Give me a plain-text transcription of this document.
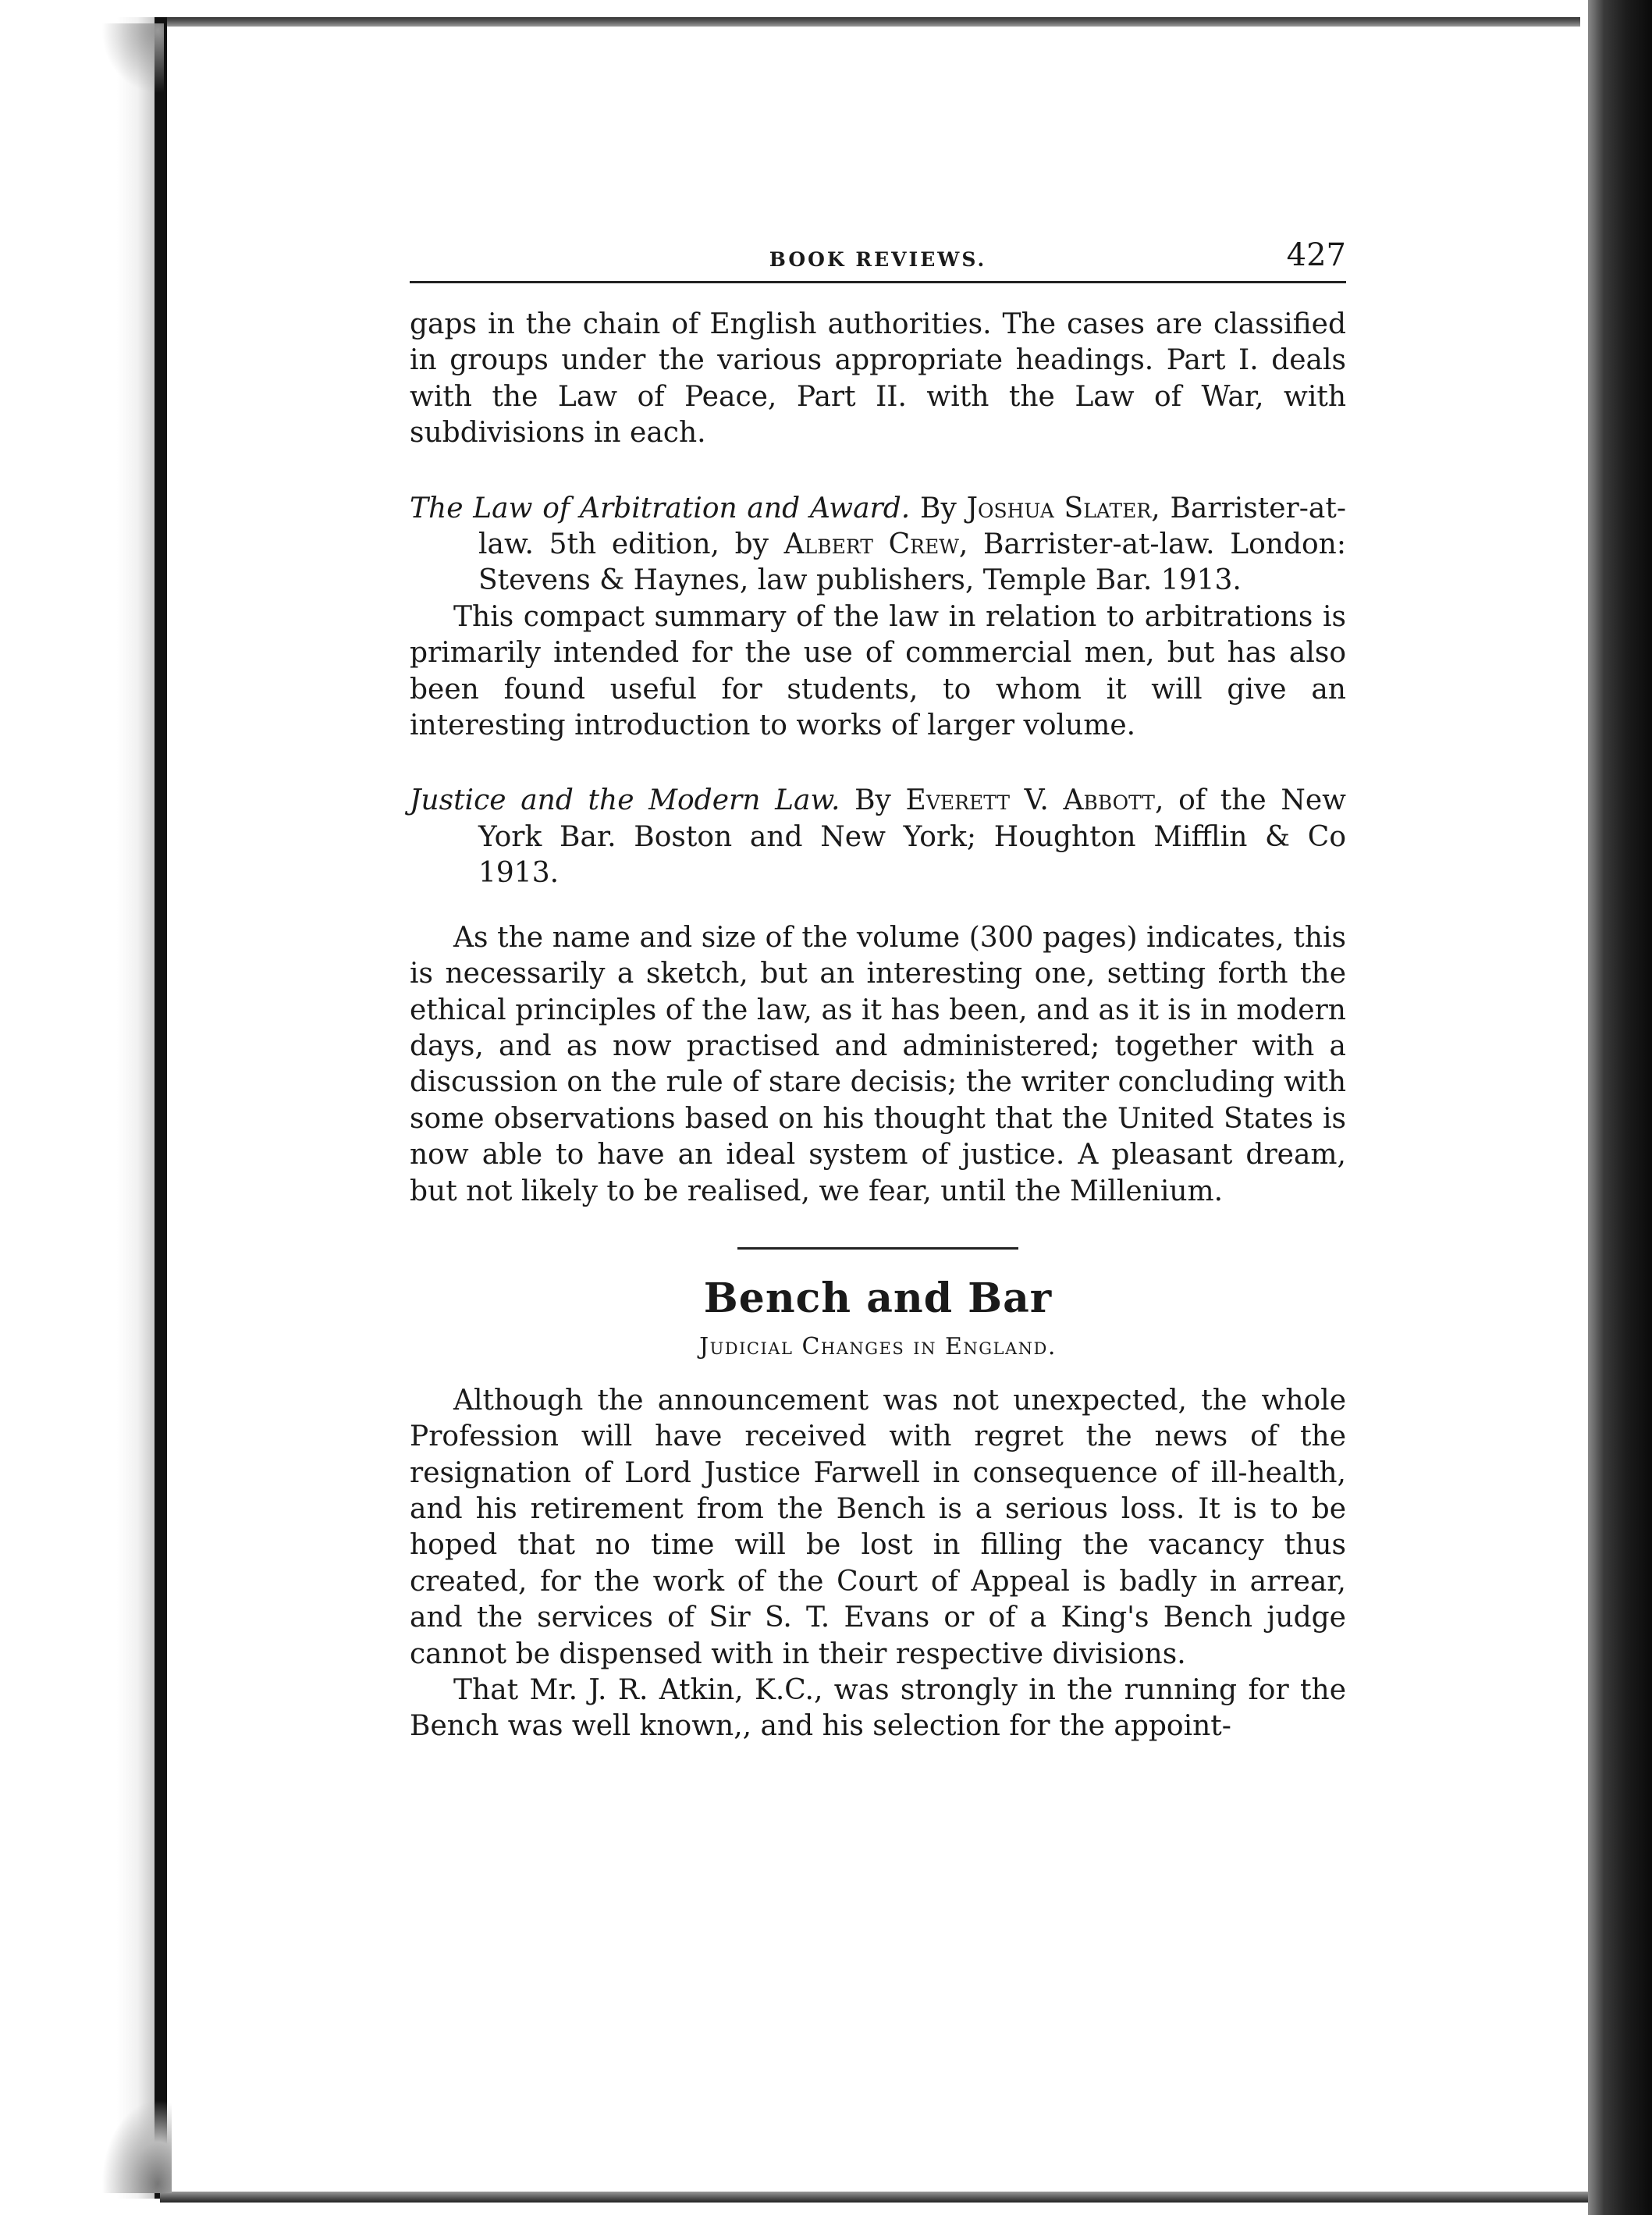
BOOK REVIEWS.	427

gaps in the chain of English authorities. The cases are classified in groups under the various appropriate headings. Part I. deals with the Law of Peace, Part II. with the Law of War, with subdivisions in each.

The Law of Arbitration and Award. By Joshua Slater, Barrister-at-law. 5th edition, by Albert Crew, Barrister-at-law. London: Stevens & Haynes, law publishers, Temple Bar. 1913.

This compact summary of the law in relation to arbitrations is primarily intended for the use of commercial men, but has also been found useful for students, to whom it will give an interesting introduction to works of larger volume.

Justice and the Modern Law. By Everett V. Abbott, of the New York Bar. Boston and New York; Houghton Mifflin & Co 1913.

As the name and size of the volume (300 pages) indicates, this is necessarily a sketch, but an interesting one, setting forth the ethical principles of the law, as it has been, and as it is in modern days, and as now practised and administered; together with a discussion on the rule of stare decisis; the writer concluding with some observations based on his thought that the United States is now able to have an ideal system of justice. A pleasant dream, but not likely to be realised, we fear, until the Millenium.

Bench and Bar
Judicial Changes in England.

Although the announcement was not unexpected, the whole Profession will have received with regret the news of the resignation of Lord Justice Farwell in consequence of ill-health, and his retirement from the Bench is a serious loss. It is to be hoped that no time will be lost in filling the vacancy thus created, for the work of the Court of Appeal is badly in arrear, and the services of Sir S. T. Evans or of a King's Bench judge cannot be dispensed with in their respective divisions.

That Mr. J. R. Atkin, K.C., was strongly in the running for the Bench was well known,, and his selection for the appoint-
